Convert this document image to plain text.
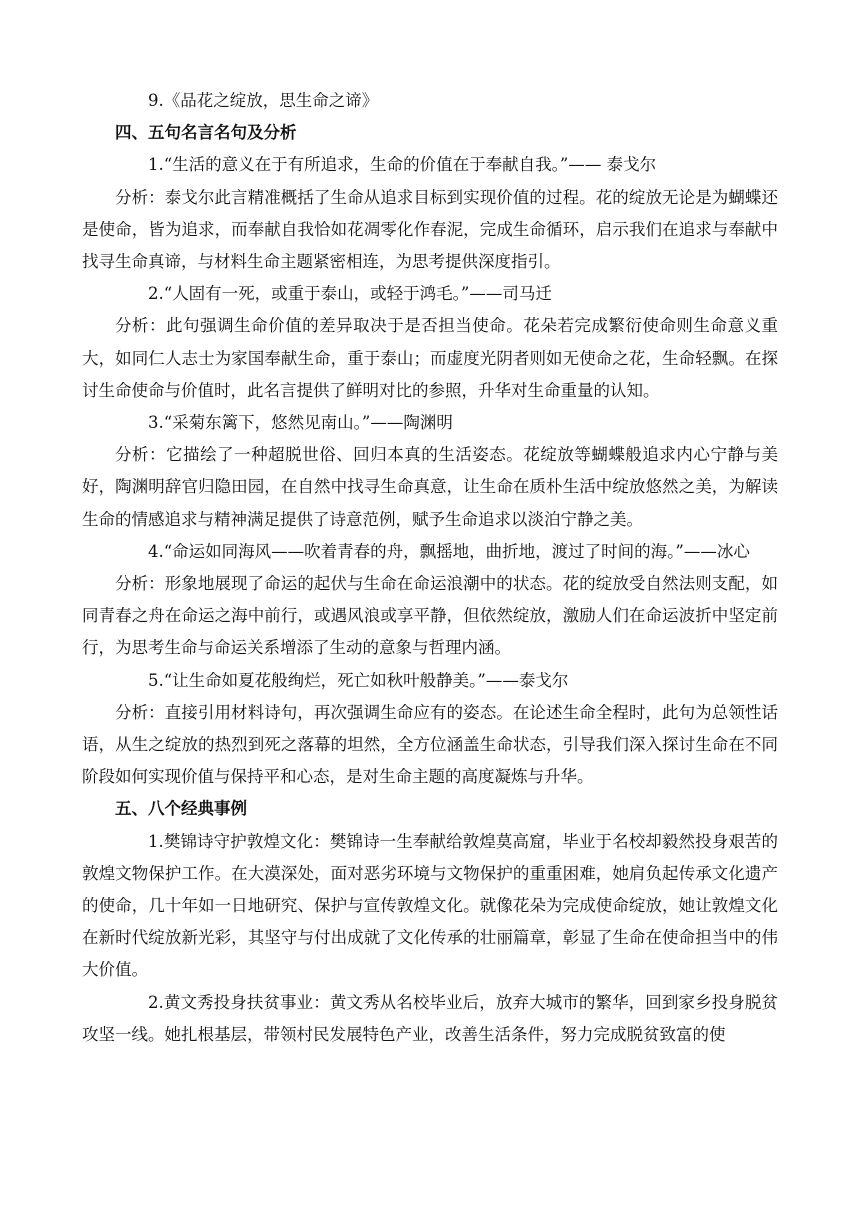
9.《品花之绽放，思生命之谛》

四、五句名言名句及分析

1.“生活的意义在于有所追求，生命的价值在于奉献自我。”—— 泰戈尔

分析：泰戈尔此言精准概括了生命从追求目标到实现价值的过程。花的绽放无论是为蝴蝶还是使命，皆为追求，而奉献自我恰如花凋零化作春泥，完成生命循环，启示我们在追求与奉献中找寻生命真谛，与材料生命主题紧密相连，为思考提供深度指引。

2.“人固有一死，或重于泰山，或轻于鸿毛。”——司马迁

分析：此句强调生命价值的差异取决于是否担当使命。花朵若完成繁衍使命则生命意义重大，如同仁人志士为家国奉献生命，重于泰山；而虚度光阴者则如无使命之花，生命轻飘。在探讨生命使命与价值时，此名言提供了鲜明对比的参照，升华对生命重量的认知。

3.“采菊东篱下，悠然见南山。”——陶渊明

分析：它描绘了一种超脱世俗、回归本真的生活姿态。花绽放等蝴蝶般追求内心宁静与美好，陶渊明辞官归隐田园，在自然中找寻生命真意，让生命在质朴生活中绽放悠然之美，为解读生命的情感追求与精神满足提供了诗意范例，赋予生命追求以淡泊宁静之美。

4.“命运如同海风——吹着青春的舟，飘摇地，曲折地，渡过了时间的海。”——冰心

分析：形象地展现了命运的起伏与生命在命运浪潮中的状态。花的绽放受自然法则支配，如同青春之舟在命运之海中前行，或遇风浪或享平静，但依然绽放，激励人们在命运波折中坚定前行，为思考生命与命运关系增添了生动的意象与哲理内涵。

5.“让生命如夏花般绚烂，死亡如秋叶般静美。”——泰戈尔

分析：直接引用材料诗句，再次强调生命应有的姿态。在论述生命全程时，此句为总领性话语，从生之绽放的热烈到死之落幕的坦然，全方位涵盖生命状态，引导我们深入探讨生命在不同阶段如何实现价值与保持平和心态，是对生命主题的高度凝炼与升华。

五、八个经典事例

1.樊锦诗守护敦煌文化：樊锦诗一生奉献给敦煌莫高窟，毕业于名校却毅然投身艰苦的敦煌文物保护工作。在大漠深处，面对恶劣环境与文物保护的重重困难，她肩负起传承文化遗产的使命，几十年如一日地研究、保护与宣传敦煌文化。就像花朵为完成使命绽放，她让敦煌文化在新时代绽放新光彩，其坚守与付出成就了文化传承的壮丽篇章，彰显了生命在使命担当中的伟大价值。

2.黄文秀投身扶贫事业：黄文秀从名校毕业后，放弃大城市的繁华，回到家乡投身脱贫攻坚一线。她扎根基层，带领村民发展特色产业，改善生活条件，努力完成脱贫致富的使
